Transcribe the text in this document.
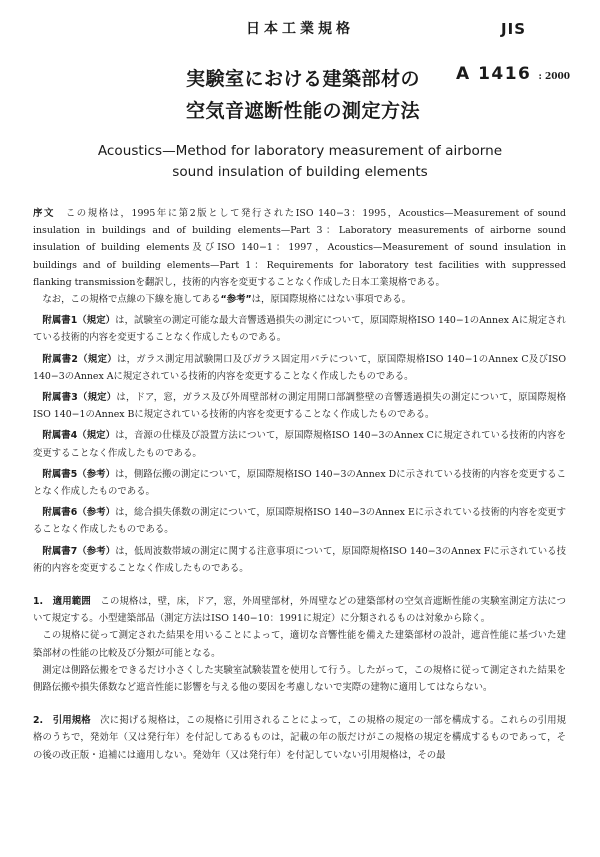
日本工業規格	JIS
実験室における建築部材の
空気音遮断性能の測定方法
A 1416 : 2000
Acoustics—Method for laboratory measurement of airborne
sound insulation of building elements

序文　 この規格は，1995年に第2版として発行されたISO 140−3：1995，Acoustics—Measurement of sound insulation in buildings and of building elements—Part 3：Laboratory measurements of airborne sound insulation of building elements及びISO 140−1：1997，Acoustics—Measurement of sound insulation in buildings and of building elements—Part 1：Requirements for laboratory test facilities with suppressed flanking transmissionを翻訳し，技術的内容を変更することなく作成した日本工業規格である。

なお，この規格で点線の下線を施してある“参考”は，原国際規格にはない事項である。

附属書1（規定）は，試験室の測定可能な最大音響透過損失の測定について，原国際規格ISO 140−1のAnnex Aに規定されている技術的内容を変更することなく作成したものである。

附属書2（規定）は，ガラス測定用試験開口及びガラス固定用パテについて，原国際規格ISO 140−1のAnnex C及びISO 140−3のAnnex Aに規定されている技術的内容を変更することなく作成したものである。

附属書3（規定）は，ドア，窓，ガラス及び外周壁部材の測定用開口部調整壁の音響透過損失の測定について，原国際規格ISO 140−1のAnnex Bに規定されている技術的内容を変更することなく作成したものである。

附属書4（規定）は，音源の仕様及び設置方法について，原国際規格ISO 140−3のAnnex Cに規定されている技術的内容を変更することなく作成したものである。

附属書5（参考）は，側路伝搬の測定について，原国際規格ISO 140−3のAnnex Dに示されている技術的内容を変更することなく作成したものである。

附属書6（参考）は，総合損失係数の測定について，原国際規格ISO 140−3のAnnex Eに示されている技術的内容を変更することなく作成したものである。

附属書7（参考）は，低周波数帯域の測定に関する注意事項について，原国際規格ISO 140−3のAnnex Fに示されている技術的内容を変更することなく作成したものである。

1.　適用範囲　 この規格は，壁，床，ドア，窓，外周壁部材，外周壁などの建築部材の空気音遮断性能の実験室測定方法について規定する。小型建築部品（測定方法はISO 140−10：1991に規定）に分類されるものは対象から除く。

この規格に従って測定された結果を用いることによって，適切な音響性能を備えた建築部材の設計，遮音性能に基づいた建築部材の性能の比較及び分類が可能となる。

測定は側路伝搬をできるだけ小さくした実験室試験装置を使用して行う。したがって，この規格に従って測定された結果を側路伝搬や損失係数など遮音性能に影響を与える他の要因を考慮しないで実際の建物に適用してはならない。

2.　引用規格　 次に掲げる規格は，この規格に引用されることによって，この規格の規定の一部を構成する。これらの引用規格のうちで，発効年（又は発行年）を付記してあるものは，記載の年の版だけがこの規格の規定を構成するものであって，その後の改正版・追補には適用しない。発効年（又は発行年）を付記していない引用規格は，その最
